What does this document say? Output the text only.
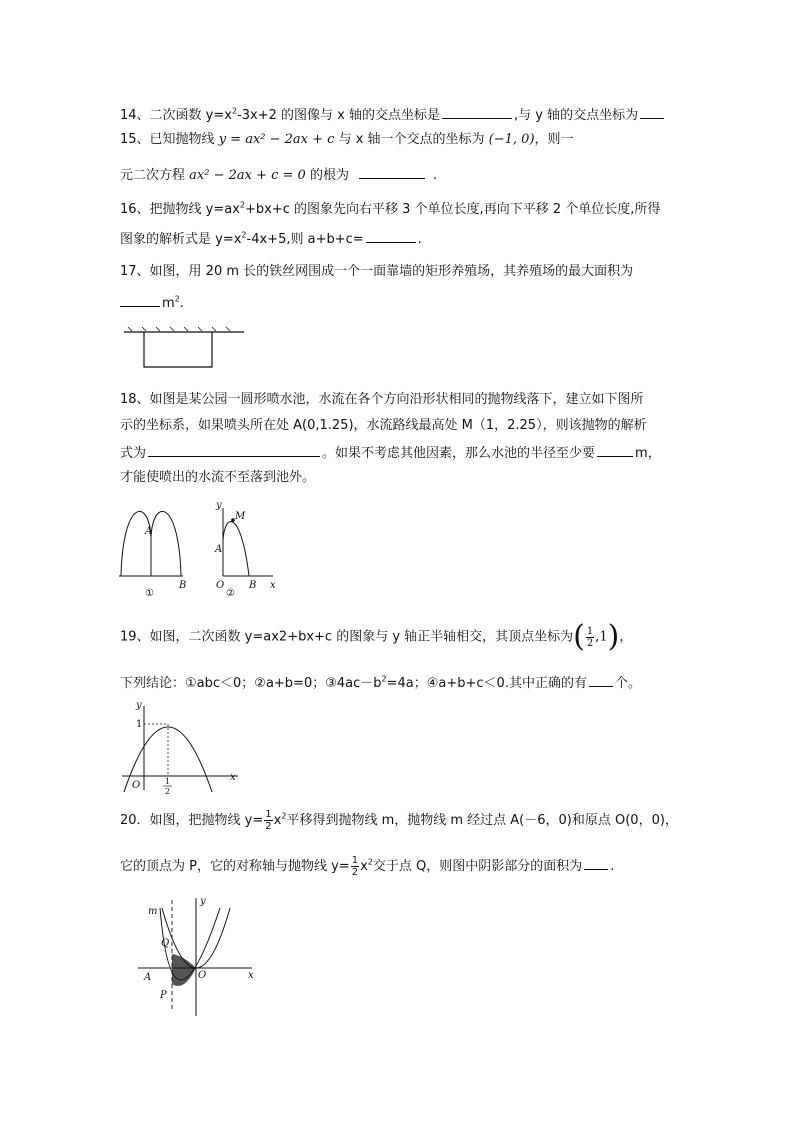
14、二次函数 $y=x^2-3x+2$ 的图像与 x 轴的交点坐标是	,与 y 轴的交点坐标为
15、已知抛物线 y = ax² − 2ax + c 与 x 轴一个交点的坐标为 (−1, 0)，则一
元二次方程 ax² − 2ax + c = 0 的根为	.
16、把抛物线 $y=ax^2+bx+c$ 的图象先向右平移 3 个单位长度,再向下平移 2 个单位长度,所得
图象的解析式是 $y=x^2-4x+5$,则 a+b+c=	.
17、如图，用 20 m 长的铁丝网围成一个一面靠墙的矩形养殖场，其养殖场的最大面积为
$m^2$.
18、如图是某公园一圆形喷水池，水流在各个方向沿形状相同的抛物线落下，建立如下图所
示的坐标系，如果喷头所在处 A(0,1.25)，水流路线最高处 M（1，2.25），则该抛物的解析
式为	。如果不考虑其他因素，那么水池的半径至少要	m，
才能使喷出的水流不至落到池外。
A
B
①
y
M
A
O B x
②
19、如图，二次函数 y=ax2+bx+c 的图象与 y 轴正半轴相交，其顶点坐标为( $\frac{1}{2} ,1$)，
下列结论：①abc＜0；②a+b=0；$③4ac-b^2=4a$；④a+b+c＜0.其中正确的有 个。
y
1
O	1
2
x
20．如图，把抛物线 $y= \frac{1}{2} x^2$平移得到抛物线 m，抛物线 m 经过点 A(－6，0)和原点 O(0，0)，
它的顶点为 P，它的对称轴与抛物线 $y= \frac{1}{2} x^2$交于点 Q，则图中阴影部分的面积为 .
m
y
Q
A	O	x
P
